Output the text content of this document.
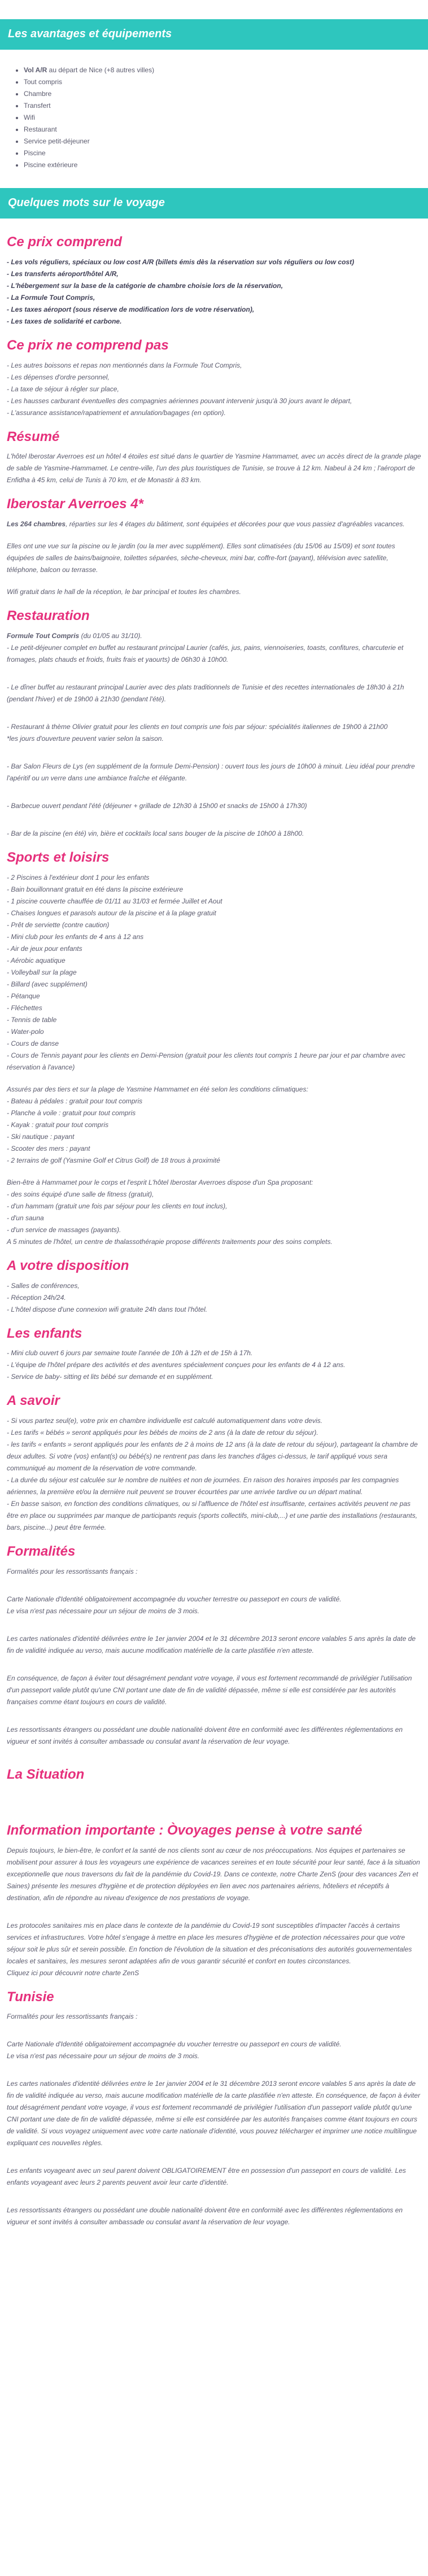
Les avantages et équipements
• Vol A/R au départ de Nice (+8 autres villes)
• Tout compris
• Chambre
• Transfert
• Wifi
• Restaurant
• Service petit-déjeuner
• Piscine
• Piscine extérieure
Quelques mots sur le voyage
Ce prix comprend

- Les vols réguliers, spéciaux ou low cost A/R (billets émis dès la réservation sur vols réguliers ou low cost)

- Les transferts aéroport/hôtel A/R,

- L'hébergement sur la base de la catégorie de chambre choisie lors de la réservation,

- La Formule Tout Compris,

- Les taxes aéroport (sous réserve de modification lors de votre réservation),

- Les taxes de solidarité et carbone.

Ce prix ne comprend pas

- Les autres boissons et repas non mentionnés dans la Formule Tout Compris,

- Les dépenses d'ordre personnel,

- La taxe de séjour à régler sur place,

- Les hausses carburant éventuelles des compagnies aériennes pouvant intervenir jusqu'à 30 jours avant le départ,

- L'assurance assistance/rapatriement et annulation/bagages (en option).

Résumé

L'hôtel Iberostar Averroes est un hôtel 4 étoiles est situé dans le quartier de Yasmine Hammamet, avec un accès direct de la grande plage de sable de Yasmine-Hammamet. Le centre-ville, l'un des plus touristiques de Tunisie, se trouve à 12 km. Nabeul à 24 km ; l'aéroport de Enfidha à 45 km, celui de Tunis à 70 km, et de Monastir à 83 km.

Iberostar Averroes 4*

Les 264 chambres, réparties sur les 4 étages du bâtiment, sont équipées et décorées pour que vous passiez d'agréables vacances.

Elles ont une vue sur la piscine ou le jardin (ou la mer avec supplément). Elles sont climatisées (du 15/06 au 15/09) et sont toutes équipées de salles de bains/baignoire, toilettes séparées, sèche-cheveux, mini bar, coffre-fort (payant), télévision avec satellite, téléphone, balcon ou terrasse.

Wifi gratuit dans le hall de la réception, le bar principal et toutes les chambres.

Restauration

Formule Tout Compris (du 01/05 au 31/10).

- Le petit-déjeuner complet en buffet au restaurant principal Laurier (cafés, jus, pains, viennoiseries, toasts, confitures, charcuterie et fromages, plats chauds et froids, fruits frais et yaourts) de 06h30 à 10h00.

- Le dîner buffet au restaurant principal Laurier avec des plats traditionnels de Tunisie et des recettes internationales de 18h30 à 21h (pendant l'hiver) et de 19h00 à 21h30 (pendant l'été).

- Restaurant à thème Olivier gratuit pour les clients en tout compris une fois par séjour: spécialités italiennes de 19h00 à 21h00
*les jours d'ouverture peuvent varier selon la saison.

- Bar Salon Fleurs de Lys (en supplément de la formule Demi-Pension) : ouvert tous les jours de 10h00 à minuit. Lieu idéal pour prendre l'apéritif ou un verre dans une ambiance fraîche et élégante.

- Barbecue ouvert pendant l'été (déjeuner + grillade de 12h30 à 15h00 et snacks de 15h00 à 17h30)

- Bar de la piscine (en été) vin, bière et cocktails local sans bouger de la piscine de 10h00 à 18h00.

Sports et loisirs

- 2 Piscines à l'extérieur dont 1 pour les enfants

- Bain bouillonnant gratuit en été dans la piscine extérieure

- 1 piscine couverte chauffée de 01/11 au 31/03 et fermée Juillet et Aout

- Chaises longues et parasols autour de la piscine et à la plage gratuit

- Prêt de serviette (contre caution)

- Mini club pour les enfants de 4 ans à 12 ans

- Air de jeux pour enfants

- Aérobic aquatique

- Volleyball sur la plage

- Billard (avec supplément)

- Pétanque

- Fléchettes

- Tennis de table

- Water-polo

- Cours de danse

- Cours de Tennis payant pour les clients en Demi-Pension (gratuit pour les clients tout compris 1 heure par jour et par chambre avec réservation à l'avance)

Assurés par des tiers et sur la plage de Yasmine Hammamet en été selon les conditions climatiques:

- Bateau à pédales : gratuit pour tout compris

- Planche à voile : gratuit pour tout compris

- Kayak : gratuit pour tout compris

- Ski nautique : payant

- Scooter des mers : payant

- 2 terrains de golf (Yasmine Golf et Citrus Golf) de 18 trous à proximité

Bien-être à Hammamet pour le corps et l'esprit L'hôtel Iberostar Averroes dispose d'un Spa proposant:

- des soins équipé d'une salle de fitness (gratuit),

- d'un hammam (gratuit une fois par séjour pour les clients en tout inclus),

- d'un sauna

- d'un service de massages (payants).

A 5 minutes de l'hôtel, un centre de thalassothérapie propose différents traitements pour des soins complets.

A votre disposition

- Salles de conférences,

- Réception 24h/24.

- L'hôtel dispose d'une connexion wifi gratuite 24h dans tout l'hôtel.

Les enfants

- Mini club ouvert 6 jours par semaine toute l'année de 10h à 12h et de 15h à 17h.

- L'équipe de l'hôtel prépare des activités et des aventures spécialement conçues pour les enfants de 4 à 12 ans.

- Service de baby- sitting et lits bébé sur demande et en supplément.

A savoir

- Si vous partez seul(e), votre prix en chambre individuelle est calculé automatiquement dans votre devis.

- Les tarifs « bébés » seront appliqués pour les bébés de moins de 2 ans (à la date de retour du séjour).

- les tarifs « enfants » seront appliqués pour les enfants de 2 à moins de 12 ans (à la date de retour du séjour), partageant la chambre de deux adultes. Si votre (vos) enfant(s) ou bébé(s) ne rentrent pas dans les tranches d'âges ci-dessus, le tarif appliqué vous sera communiqué au moment de la réservation de votre commande.

- La durée du séjour est calculée sur le nombre de nuitées et non de journées. En raison des horaires imposés par les compagnies aériennes, la première et/ou la dernière nuit peuvent se trouver écourtées par une arrivée tardive ou un départ matinal.

- En basse saison, en fonction des conditions climatiques, ou si l'affluence de l'hôtel est insuffisante, certaines activités peuvent ne pas être en place ou supprimées par manque de participants requis (sports collectifs, mini-club,...) et une partie des installations (restaurants, bars, piscine...) peut être fermée.

Formalités
Formalités pour les ressortissants français :
Carte Nationale d'Identité obligatoirement accompagnée du voucher terrestre ou passeport en cours de validité.
Le visa n'est pas nécessaire pour un séjour de moins de 3 mois.
Les cartes nationales d'identité délivrées entre le 1er janvier 2004 et le 31 décembre 2013 seront encore valables 5 ans après la date de fin de validité indiquée au verso, mais aucune modification matérielle de la carte plastifiée n'en atteste.
En conséquence, de façon à éviter tout désagrément pendant votre voyage, il vous est fortement recommandé de privilégier l'utilisation d'un passeport valide plutôt qu'une CNI portant une date de fin de validité dépassée, même si elle est considérée par les autorités françaises comme étant toujours en cours de validité.
Les ressortissants étrangers ou possédant une double nationalité doivent être en conformité avec les différentes réglementations en vigueur et sont invités à consulter ambassade ou consulat avant la réservation de leur voyage.
La Situation
Information importante : Òvoyages pense à votre santé
Depuis toujours, le bien-être, le confort et la santé de nos clients sont au cœur de nos préoccupations. Nos équipes et partenaires se mobilisent pour assurer à tous les voyageurs une expérience de vacances sereines et en toute sécurité pour leur santé, face à la situation exceptionnelle que nous traversons du fait de la pandémie du Covid-19. Dans ce contexte, notre Charte ZenS (pour des vacances Zen et Saines) présente les mesures d'hygiène et de protection déployées en lien avec nos partenaires aériens, hôteliers et réceptifs à destination, afin de répondre au niveau d'exigence de nos prestations de voyage.
Les protocoles sanitaires mis en place dans le contexte de la pandémie du Covid-19 sont susceptibles d'impacter l'accès à certains services et infrastructures. Votre hôtel s'engage à mettre en place les mesures d'hygiène et de protection nécessaires pour que votre séjour soit le plus sûr et serein possible. En fonction de l'évolution de la situation et des préconisations des autorités gouvernementales locales et sanitaires, les mesures seront adaptées afin de vous garantir sécurité et confort en toutes circonstances.
Cliquez ici pour découvrir notre charte ZenS
Tunisie
Formalités pour les ressortissants français :
Carte Nationale d'Identité obligatoirement accompagnée du voucher terrestre ou passeport en cours de validité.
Le visa n'est pas nécessaire pour un séjour de moins de 3 mois.
Les cartes nationales d'identité délivrées entre le 1er janvier 2004 et le 31 décembre 2013 seront encore valables 5 ans après la date de fin de validité indiquée au verso, mais aucune modification matérielle de la carte plastifiée n'en atteste. En conséquence, de façon à éviter tout désagrément pendant votre voyage, il vous est fortement recommandé de privilégier l'utilisation d'un passeport valide plutôt qu'une CNI portant une date de fin de validité dépassée, même si elle est considérée par les autorités françaises comme étant toujours en cours de validité. Si vous voyagez uniquement avec votre carte nationale d'identité, vous pouvez télécharger et imprimer une notice multilingue expliquant ces nouvelles règles.
Les enfants voyageant avec un seul parent doivent OBLIGATOIREMENT être en possession d'un passeport en cours de validité. Les enfants voyageant avec leurs 2 parents peuvent avoir leur carte d'identité.
Les ressortissants étrangers ou possédant une double nationalité doivent être en conformité avec les différentes réglementations en vigueur et sont invités à consulter ambassade ou consulat avant la réservation de leur voyage.
